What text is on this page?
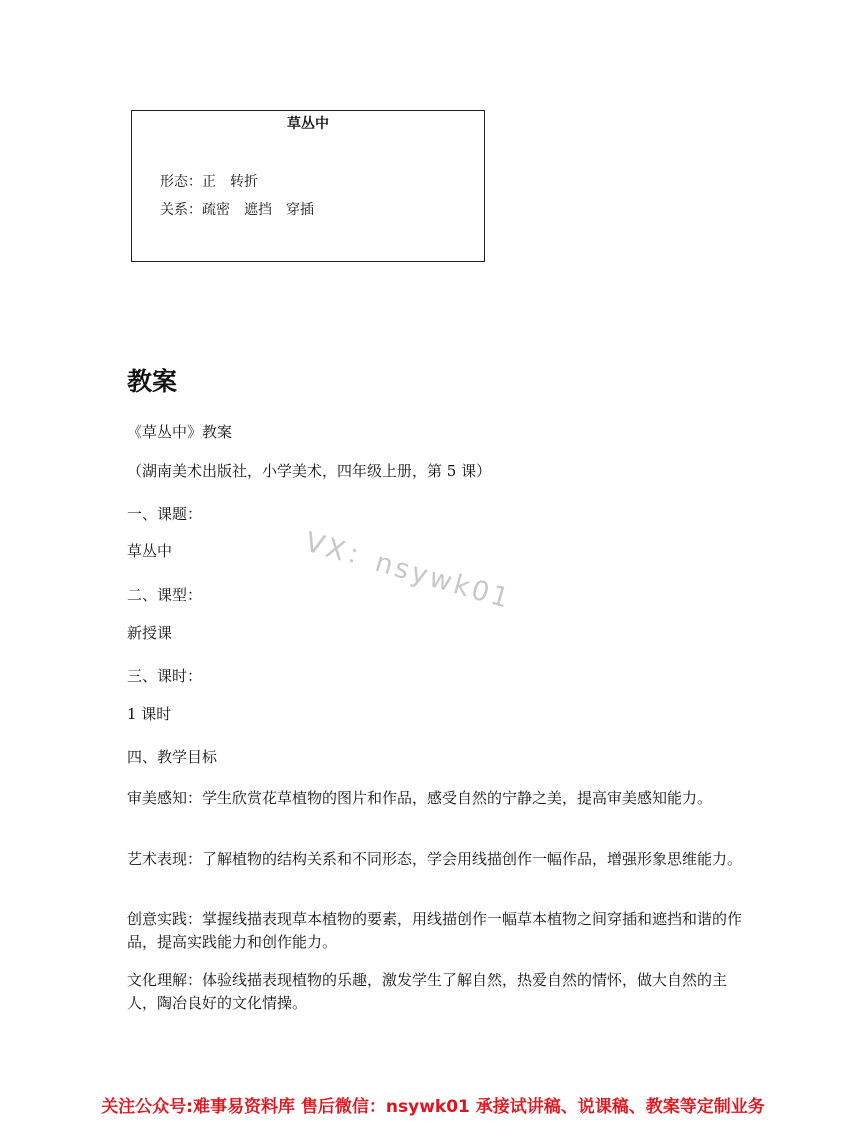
草丛中
形态：正　转折
关系：疏密　遮挡　穿插
教案

《草丛中》教案

（湖南美术出版社，小学美术，四年级上册，第 5 课）

一、课题：

草丛中

二、课型：

新授课

三、课时：

1 课时

四、教学目标

审美感知：学生欣赏花草植物的图片和作品，感受自然的宁静之美，提高审美感知能力。

艺术表现：了解植物的结构关系和不同形态，学会用线描创作一幅作品，增强形象思维能力。

创意实践：掌握线描表现草本植物的要素，用线描创作一幅草本植物之间穿插和遮挡和谐的作品，提高实践能力和创作能力。

文化理解：体验线描表现植物的乐趣，激发学生了解自然，热爱自然的情怀，做大自然的主人，陶冶良好的文化情操。

VX：nsywk01
关注公众号:难事易资料库 售后微信：nsywk01 承接试讲稿、说课稿、教案等定制业务
